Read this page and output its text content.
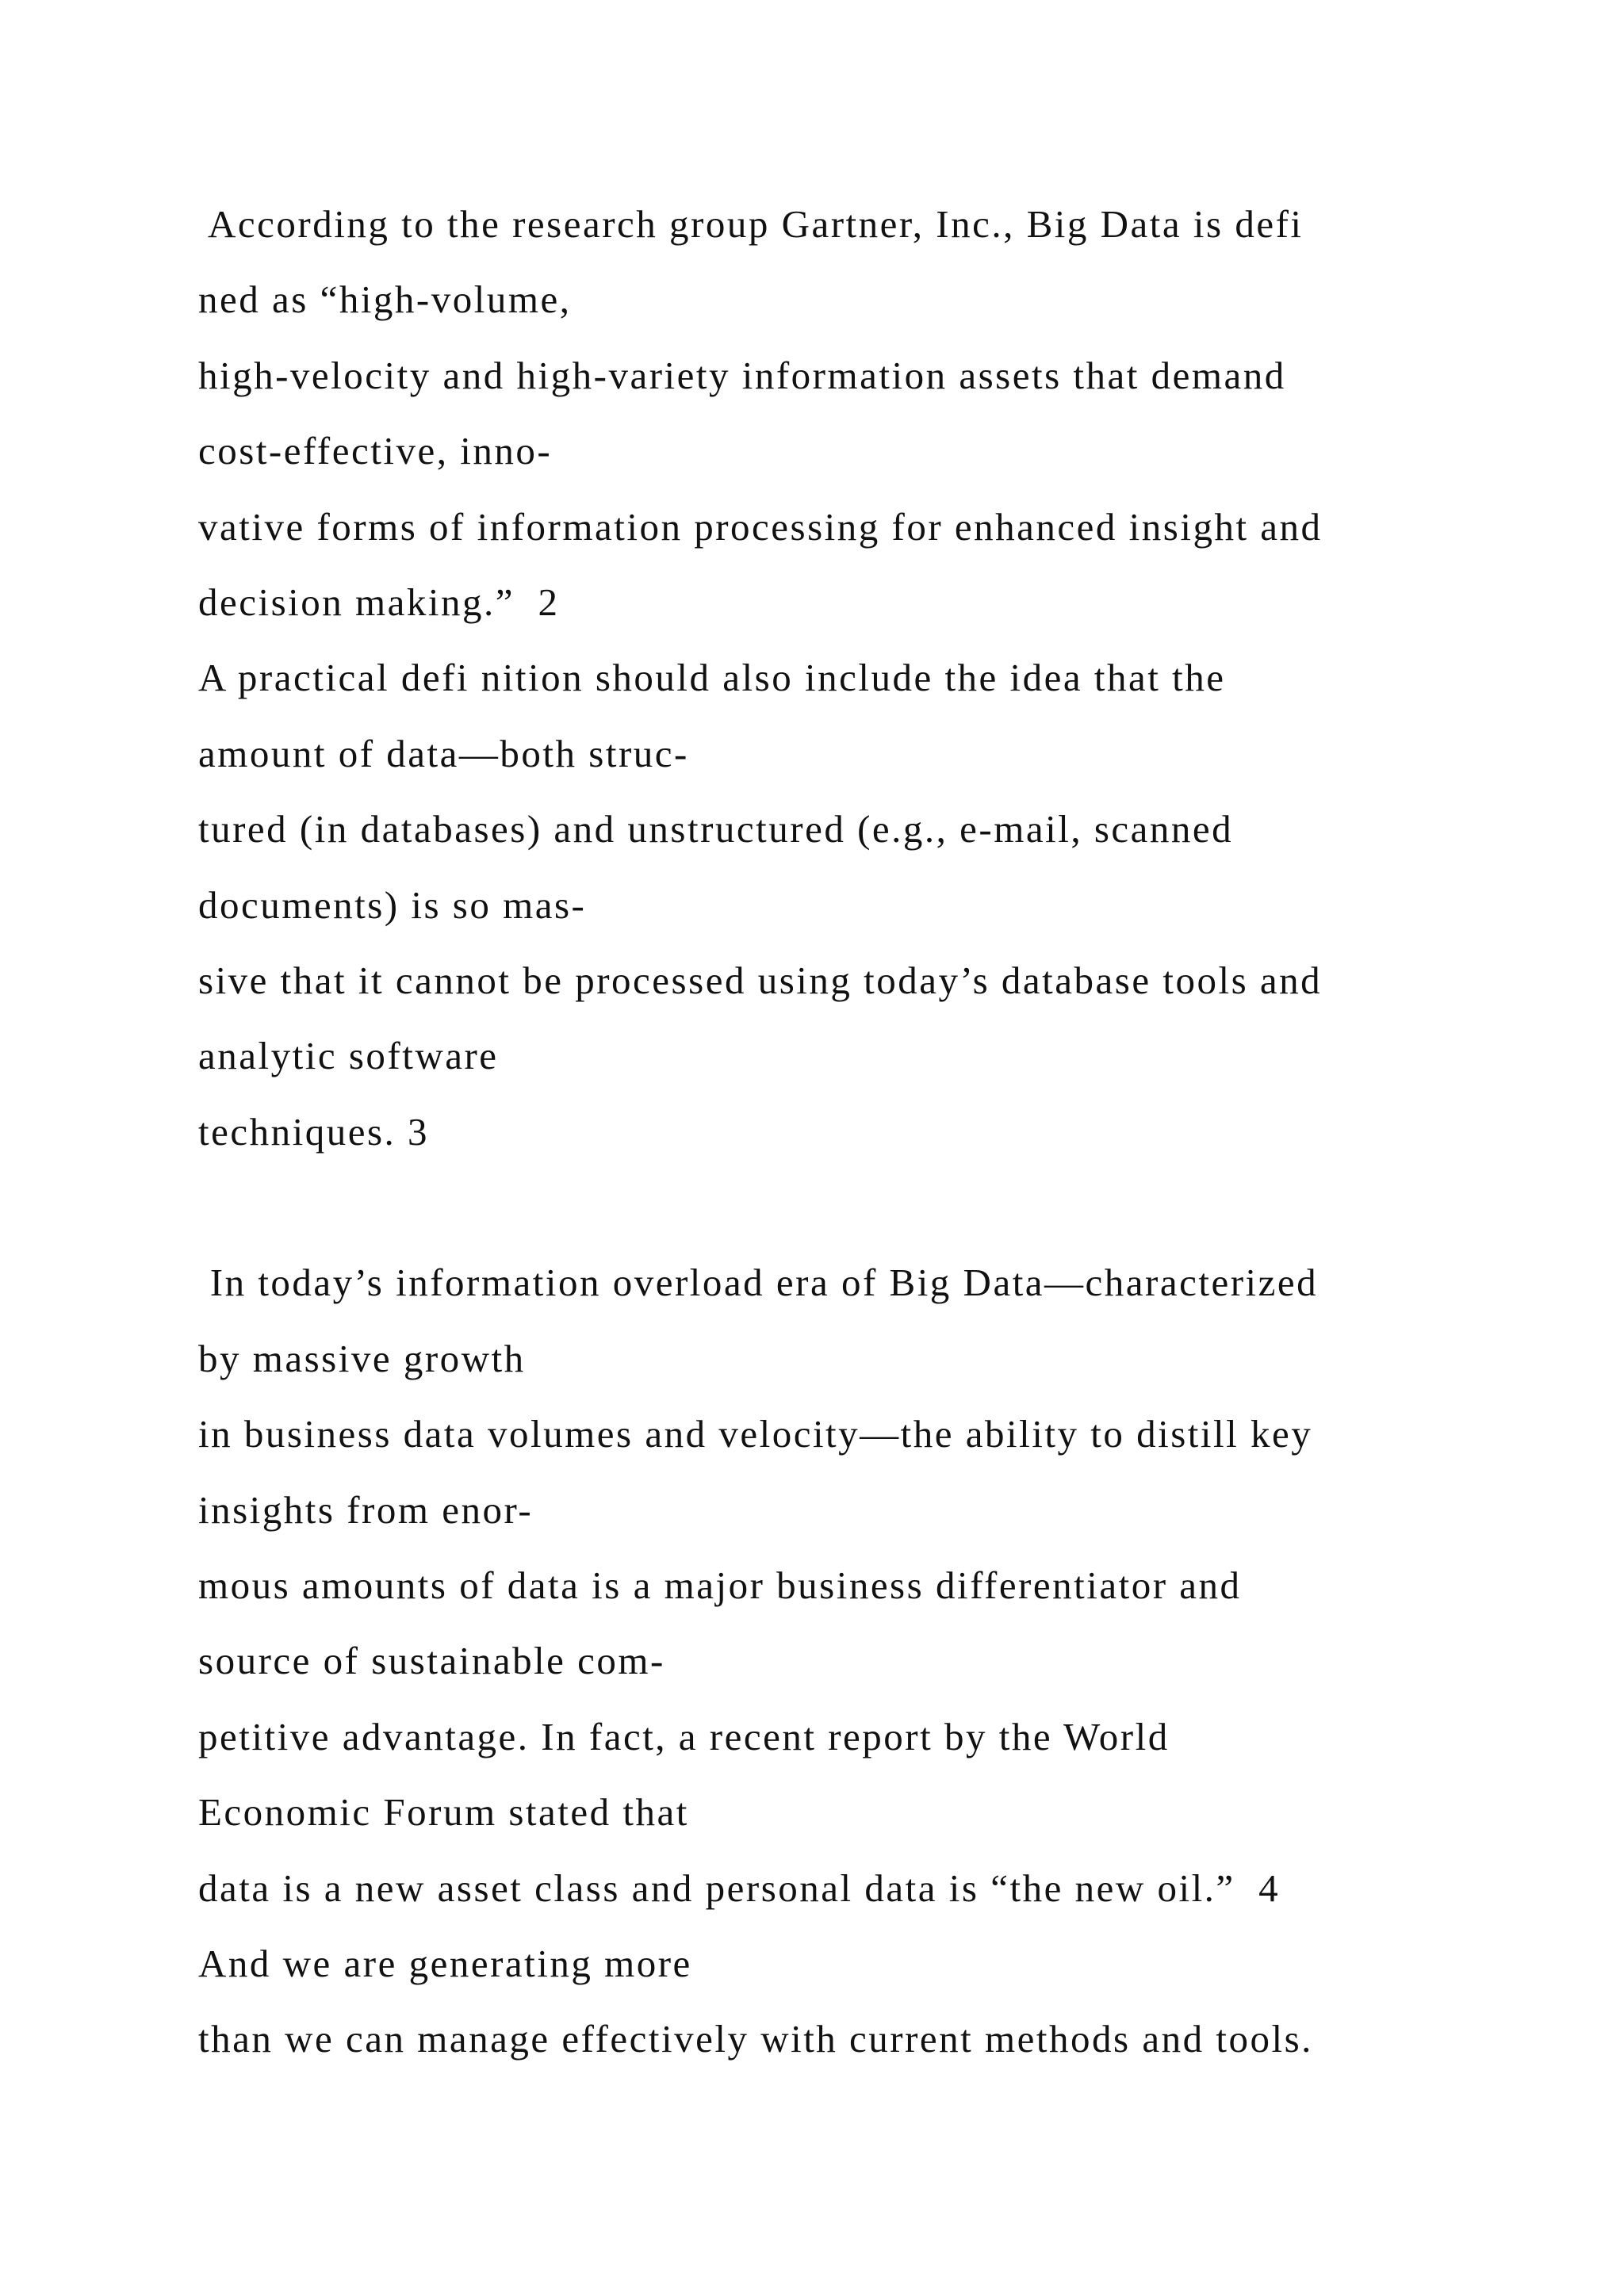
According to the research group Gartner, Inc., Big Data is defi
ned as “high-volume,
high-velocity and high-variety information assets that demand
cost-effective, inno-
vative forms of information processing for enhanced insight and
decision making.”  2
A practical defi nition should also include the idea that the
amount of data—both struc-
tured (in databases) and unstructured (e.g., e-mail, scanned
documents) is so mas-
sive that it cannot be processed using today’s database tools and
analytic software
techniques. 3
In today’s information overload era of Big Data—characterized
by massive growth
in business data volumes and velocity—the ability to distill key
insights from enor-
mous amounts of data is a major business differentiator and
source of sustainable com-
petitive advantage. In fact, a recent report by the World
Economic Forum stated that
data is a new asset class and personal data is “the new oil.”  4
And we are generating more
than we can manage effectively with current methods and tools.
